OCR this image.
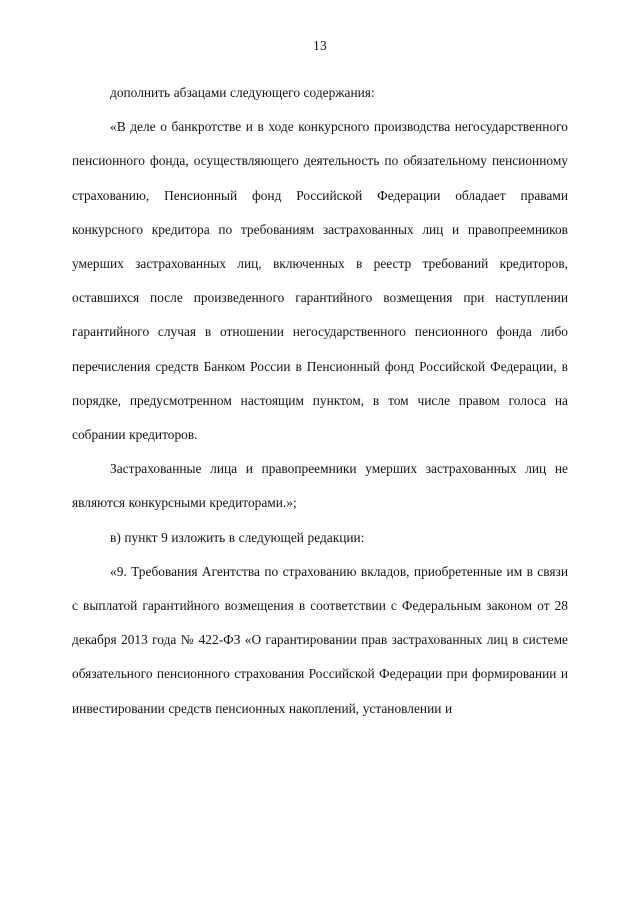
13

дополнить абзацами следующего содержания:

«В деле о банкротстве и в ходе конкурсного производства негосударственного пенсионного фонда, осуществляющего деятельность по обязательному пенсионному страхованию, Пенсионный фонд Российской Федерации обладает правами конкурсного кредитора по требованиям застрахованных лиц и правопреемников умерших застрахованных лиц, включенных в реестр требований кредиторов, оставшихся после произведенного гарантийного возмещения при наступлении гарантийного случая в отношении негосударственного пенсионного фонда либо перечисления средств Банком России в Пенсионный фонд Российской Федерации, в порядке, предусмотренном настоящим пунктом, в том числе правом голоса на собрании кредиторов.

Застрахованные лица и правопреемники умерших застрахованных лиц не являются конкурсными кредиторами.»;

в) пункт 9 изложить в следующей редакции:

«9. Требования Агентства по страхованию вкладов, приобретенные им в связи с выплатой гарантийного возмещения в соответствии с Федеральным законом от 28 декабря 2013 года № 422-ФЗ «О гарантировании прав застрахованных лиц в системе обязательного пенсионного страхования Российской Федерации при формировании и инвестировании средств пенсионных накоплений, установлении и
